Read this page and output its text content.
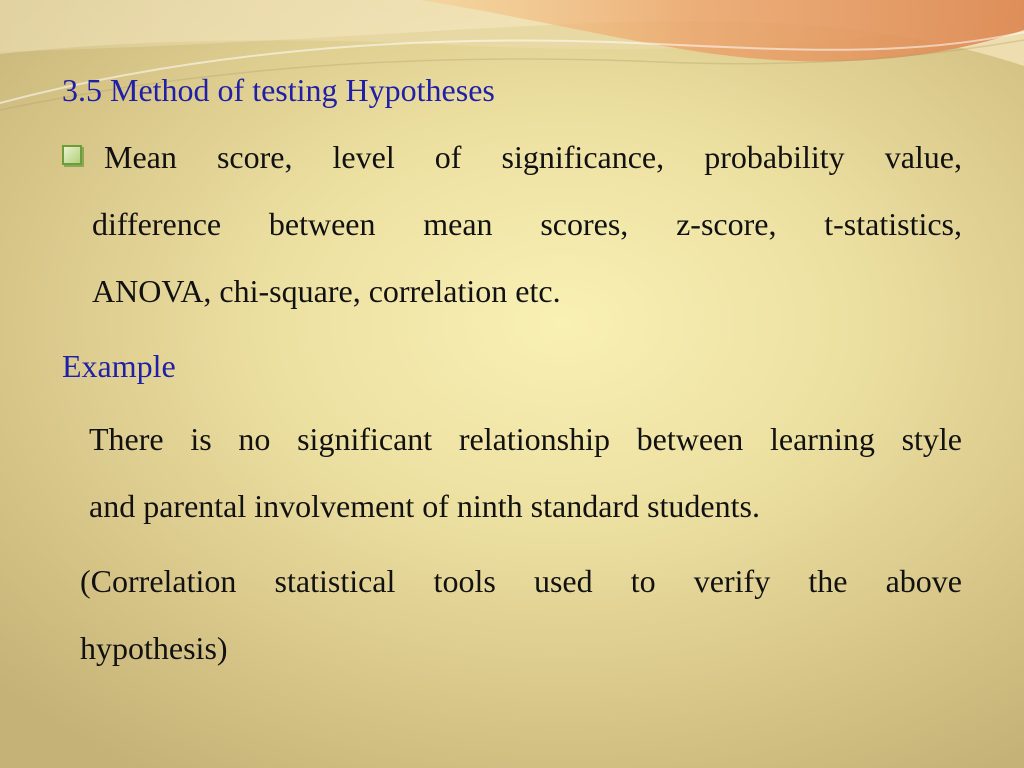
3.5 Method of testing Hypotheses
Mean score, level of significance, probability value,
difference between mean scores, z-score, t-statistics,
ANOVA, chi-square, correlation etc.
Example
There is no significant relationship between learning style
and parental involvement of ninth standard students.
(Correlation statistical tools used to verify the above
hypothesis)
